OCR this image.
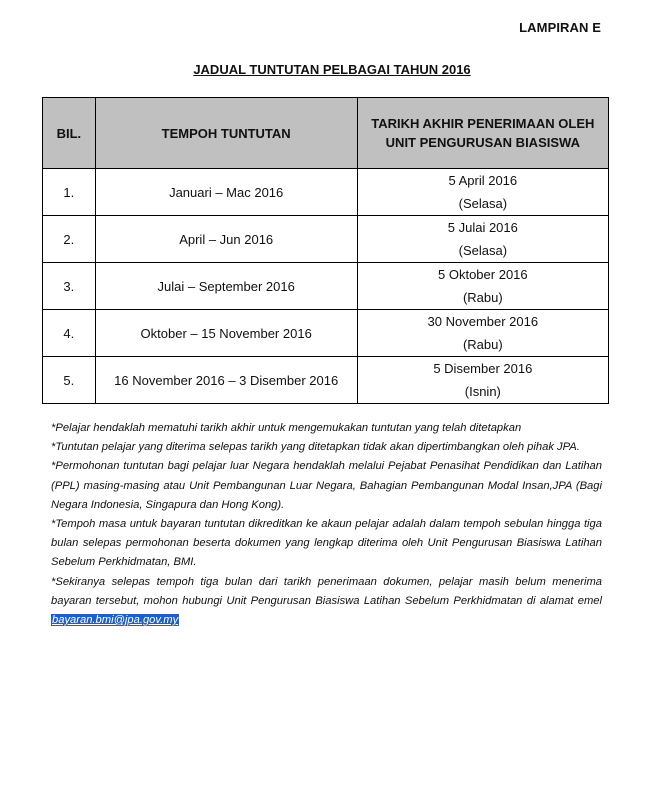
LAMPIRAN E
JADUAL TUNTUTAN PELBAGAI TAHUN 2016
BIL.	TEMPOH TUNTUTAN	TARIKH AKHIR PENERIMAAN OLEH UNIT PENGURUSAN BIASISWA
1.	Januari – Mac 2016	5 April 2016
(Selasa)

2.	April – Jun 2016	5 Julai 2016
(Selasa)

3.	Julai – September 2016	5 Oktober 2016
(Rabu)

4.	Oktober – 15 November 2016	30 November 2016
(Rabu)

5.	16 November 2016 – 3 Disember 2016	5 Disember 2016
(Isnin)

*Pelajar hendaklah mematuhi tarikh akhir untuk mengemukakan tuntutan yang telah ditetapkan

*Tuntutan pelajar yang diterima selepas tarikh yang ditetapkan tidak akan dipertimbangkan oleh pihak JPA.

*Permohonan tuntutan bagi pelajar luar Negara hendaklah melalui Pejabat Penasihat Pendidikan dan Latihan (PPL) masing-masing atau Unit Pembangunan Luar Negara, Bahagian Pembangunan Modal Insan,JPA (Bagi Negara Indonesia, Singapura dan Hong Kong).

*Tempoh masa untuk bayaran tuntutan dikreditkan ke akaun pelajar adalah dalam tempoh sebulan hingga tiga bulan selepas permohonan beserta dokumen yang lengkap diterima oleh Unit Pengurusan Biasiswa Latihan Sebelum Perkhidmatan, BMI.

*Sekiranya selepas tempoh tiga bulan dari tarikh penerimaan dokumen, pelajar masih belum menerima bayaran tersebut, mohon hubungi Unit Pengurusan Biasiswa Latihan Sebelum Perkhidmatan di alamat emel bayaran.bmi@jpa.gov.my
